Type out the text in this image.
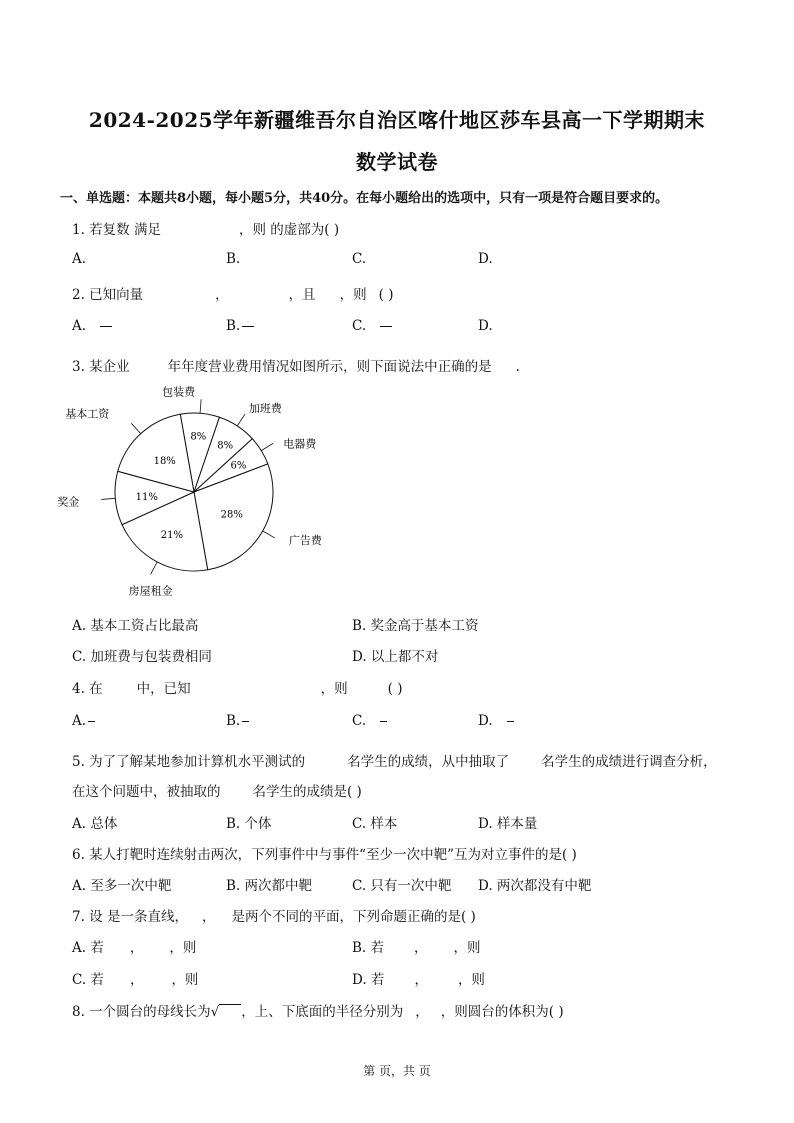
2024-2025学年新疆维吾尔自治区喀什地区莎车县高一下学期期末
数学试卷
一、单选题：本题共8小题，每小题5分，共40分。在每小题给出的选项中，只有一项是符合题目要求的。
1. 若复数 满足	，则 的虚部为( )
A.	B.	C.	D.
2. 已知向量	，	，且 ，则 ( )
A.	B.	C.	D.
3. 某企业	年年度营业费用情况如图所示，则下面说法中正确的是 .
8%
包装费
8%
加班费
6%
电器费
28%
广告费
21%
房屋租金
11%
奖金
18%
基本工资
A. 基本工资占比最高	B. 奖金高于基本工资
C. 加班费与包装费相同	D. 以上都不对
4. 在	中，已知	，则	( )
A.	B.	C.	D.
5. 为了了解某地参加计算机水平测试的	名学生的成绩，从中抽取了 名学生的成绩进行调查分析，
在这个问题中，被抽取的 名学生的成绩是( )
A. 总体	B. 个体	C. 样本	D. 样本量
6. 某人打靶时连续射击两次，下列事件中与事件“至少一次中靶”互为对立事件的是( )
A. 至多一次中靶	B. 两次都中靶	C. 只有一次中靶 D. 两次都没有中靶
7. 设 是一条直线， ， 是两个不同的平面，下列命题正确的是( )
A. 若 ， ，则	B. 若 ， ，则
C. 若 ， ，则	D. 若 ， ，则
8. 一个圆台的母线长为√ ，上、下底面的半径分别为 ， ，则圆台的体积为( )
第 页，共 页
